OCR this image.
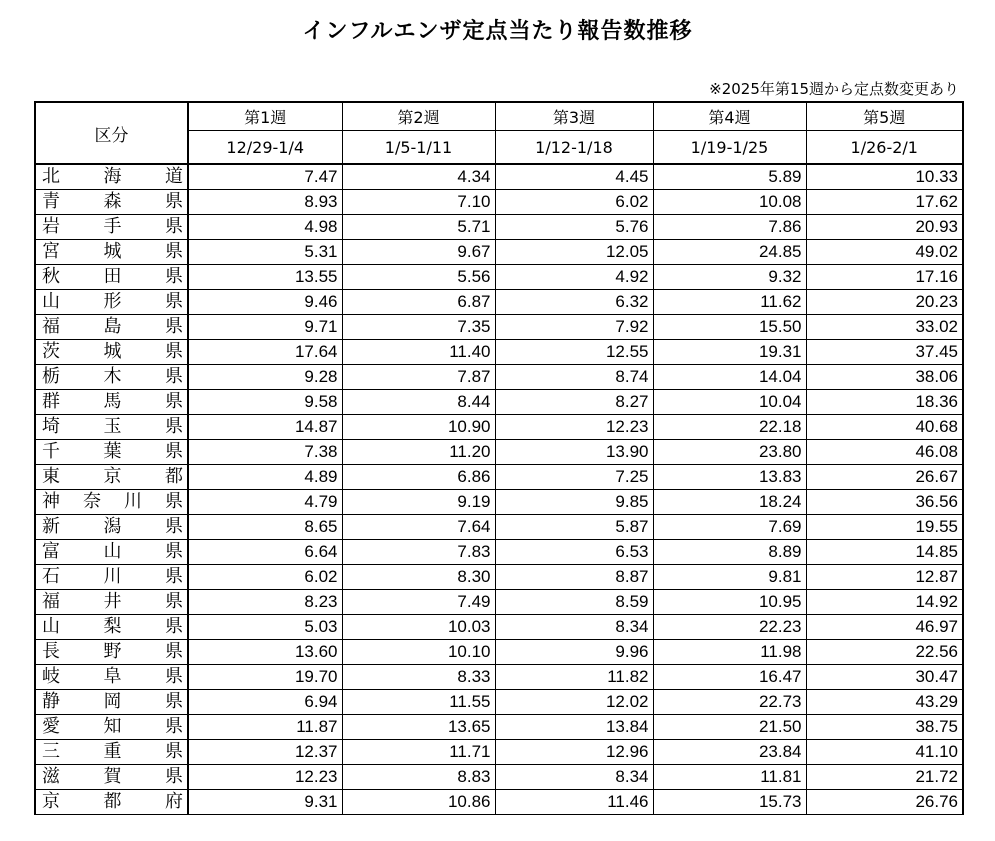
インフルエンザ定点当たり報告数推移
※2025年第15週から定点数変更あり
区分	第1週	第2週	第3週	第4週	第5週
	12/29-1/4	1/5-1/11	1/12-1/18	1/19-1/25	1/26-2/1

北 海 道	7.47	4.34	4.45	5.89	10.33

青 森 県	8.93	7.10	6.02	10.08	17.62

岩 手 県	4.98	5.71	5.76	7.86	20.93

宮 城 県	5.31	9.67	12.05	24.85	49.02

秋 田 県	13.55	5.56	4.92	9.32	17.16

山 形 県	9.46	6.87	6.32	11.62	20.23

福 島 県	9.71	7.35	7.92	15.50	33.02

茨 城 県	17.64	11.40	12.55	19.31	37.45

栃 木 県	9.28	7.87	8.74	14.04	38.06

群 馬 県	9.58	8.44	8.27	10.04	18.36

埼 玉 県	14.87	10.90	12.23	22.18	40.68

千 葉 県	7.38	11.20	13.90	23.80	46.08

東 京 都	4.89	6.86	7.25	13.83	26.67

神 奈 川 県	4.79	9.19	9.85	18.24	36.56

新 潟 県	8.65	7.64	5.87	7.69	19.55

富 山 県	6.64	7.83	6.53	8.89	14.85

石 川 県	6.02	8.30	8.87	9.81	12.87

福 井 県	8.23	7.49	8.59	10.95	14.92

山 梨 県	5.03	10.03	8.34	22.23	46.97

長 野 県	13.60	10.10	9.96	11.98	22.56

岐 阜 県	19.70	8.33	11.82	16.47	30.47

静 岡 県	6.94	11.55	12.02	22.73	43.29

愛 知 県	11.87	13.65	13.84	21.50	38.75

三 重 県	12.37	11.71	12.96	23.84	41.10

滋 賀 県	12.23	8.83	8.34	11.81	21.72

京 都 府	9.31	10.86	11.46	15.73	26.76
